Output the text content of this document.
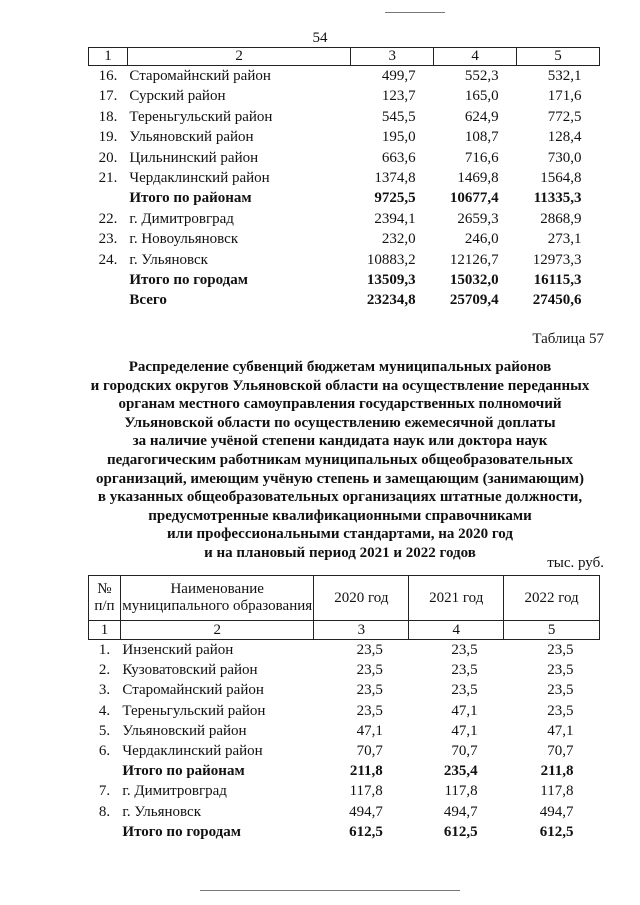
54
1	2	3	4	5
16.	Старомайнский район	499,7	552,3	532,1
17.	Сурский район	123,7	165,0	171,6
18.	Тереньгульский район	545,5	624,9	772,5
19.	Ульяновский район	195,0	108,7	128,4
20.	Цильнинский район	663,6	716,6	730,0
21.	Чердаклинский район	1374,8	1469,8	1564,8
	Итого по районам	9725,5	10677,4	11335,3
22.	г. Димитровград	2394,1	2659,3	2868,9
23.	г. Новоульяновск	232,0	246,0	273,1
24.	г. Ульяновск	10883,2	12126,7	12973,3
	Итого по городам	13509,3	15032,0	16115,3
	Всего	23234,8	25709,4	27450,6
Таблица 57
Распределение субвенций бюджетам муниципальных районов
и городских округов Ульяновской области на осуществление переданных
органам местного самоуправления государственных полномочий
Ульяновской области по осуществлению ежемесячной доплаты
за наличие учёной степени кандидата наук или доктора наук
педагогическим работникам муниципальных общеобразовательных
организаций, имеющим учёную степень и замещающим (занимающим)
в указанных общеобразовательных организациях штатные должности,
предусмотренные квалификационными справочниками
или профессиональными стандартами, на 2020 год
и на плановый период 2021 и 2022 годов
тыс. руб.
№
п/п	Наименование
муниципального образования	2020 год	2021 год	2022 год
1	2	3	4	5
1.	Инзенский район	23,5	23,5	23,5
2.	Кузоватовский район	23,5	23,5	23,5
3.	Старомайнский район	23,5	23,5	23,5
4.	Тереньгульский район	23,5	47,1	23,5
5.	Ульяновский район	47,1	47,1	47,1
6.	Чердаклинский район	70,7	70,7	70,7
	Итого по районам	211,8	235,4	211,8
7.	г. Димитровград	117,8	117,8	117,8
8.	г. Ульяновск	494,7	494,7	494,7
	Итого по городам	612,5	612,5	612,5
